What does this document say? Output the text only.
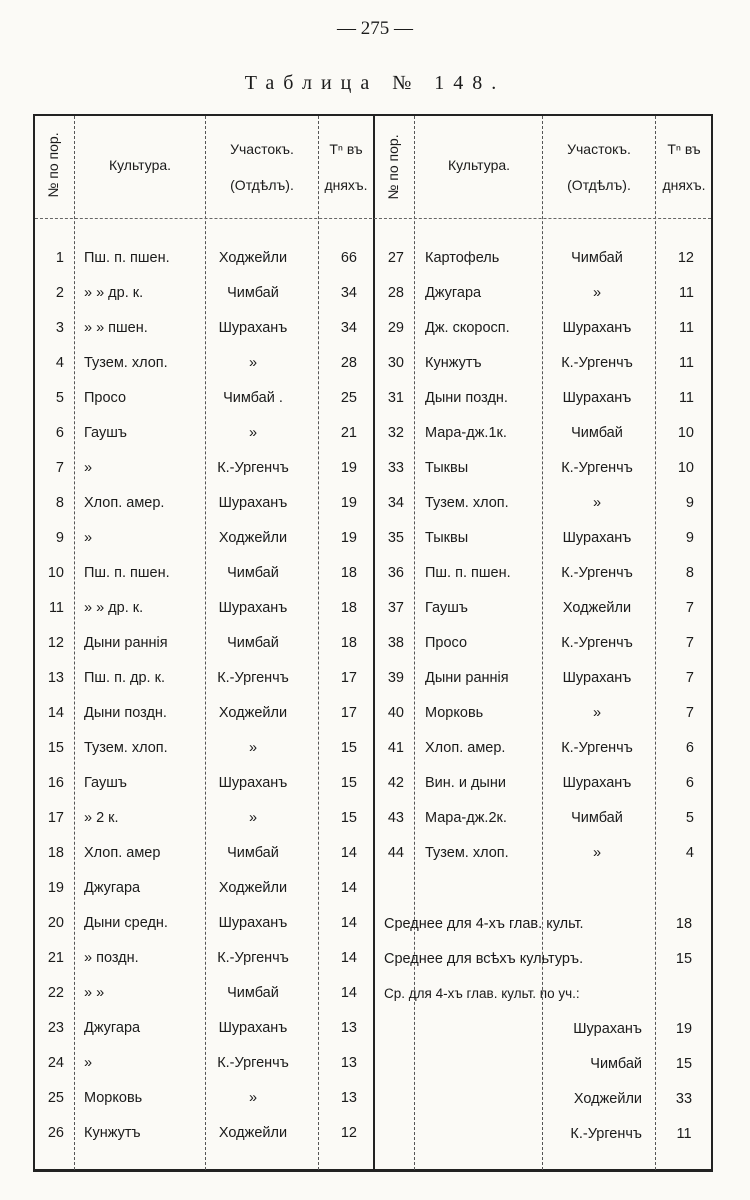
— 275 —
Таблица № 148.
№ по пор.	Культура.
Участокъ.
(Отдѣлъ).
Tⁿ въ
дняхъ.	№ по пор.	Культура.
Участокъ.
(Отдѣлъ).
Tⁿ въ
дняхъ.
1 Пш. п. пшен.	Ходжейли	66
2 » » др. к.	Чимбай	34
3 » » пшен.	Шураханъ	34
4 Тузем. хлоп.	»	28
5 Просо	Чимбай .	25
6 Гаушъ	»	21
7 »	К.-Ургенчъ	19
8 Хлоп. амер.	Шураханъ	19
9 »	Ходжейли	19
10 Пш. п. пшен.	Чимбай	18
11 » » др. к.	Шураханъ	18
12 Дыни раннія	Чимбай	18
13 Пш. п. др. к.	К.-Ургенчъ	17
14 Дыни поздн.	Ходжейли	17
15 Тузем. хлоп.	»	15
16 Гаушъ	Шураханъ	15
17 » 2 к.	»	15
18 Хлоп. амер	Чимбай	14
19 Джугара	Ходжейли	14
20 Дыни средн.	Шураханъ	14
21 » поздн.	К.-Ургенчъ	14
22 » »	Чимбай	14
23 Джугара	Шураханъ	13
24 »	К.-Ургенчъ	13
25 Морковь	»	13
26 Кунжутъ	Ходжейли	12
27 Картофель	Чимбай	12
28 Джугара	»	11
29 Дж. скоросп.	Шураханъ	11
30 Кунжутъ	К.-Ургенчъ	11
31 Дыни поздн.	Шураханъ	11
32 Мара-дж.1к.	Чимбай	10
33 Тыквы	К.-Ургенчъ	10
34 Тузем. хлоп.	»	9
35 Тыквы	Шураханъ	9
36 Пш. п. пшен.	К.-Ургенчъ	8
37 Гаушъ	Ходжейли	7
38 Просо	К.-Ургенчъ	7
39 Дыни раннія	Шураханъ	7
40 Морковь	»	7
41 Хлоп. амер.	К.-Ургенчъ	6
42 Вин. и дыни	Шураханъ	6
43 Мара-дж.2к.	Чимбай	5
44 Тузем. хлоп.	»	4
Среднее для 4-хъ глав. культ.	18
Среднее для всѣхъ культуръ.	15
Ср. для 4-хъ глав. культ. по уч.:
Шураханъ	19
Чимбай	15
Ходжейли	33
К.-Ургенчъ	11
